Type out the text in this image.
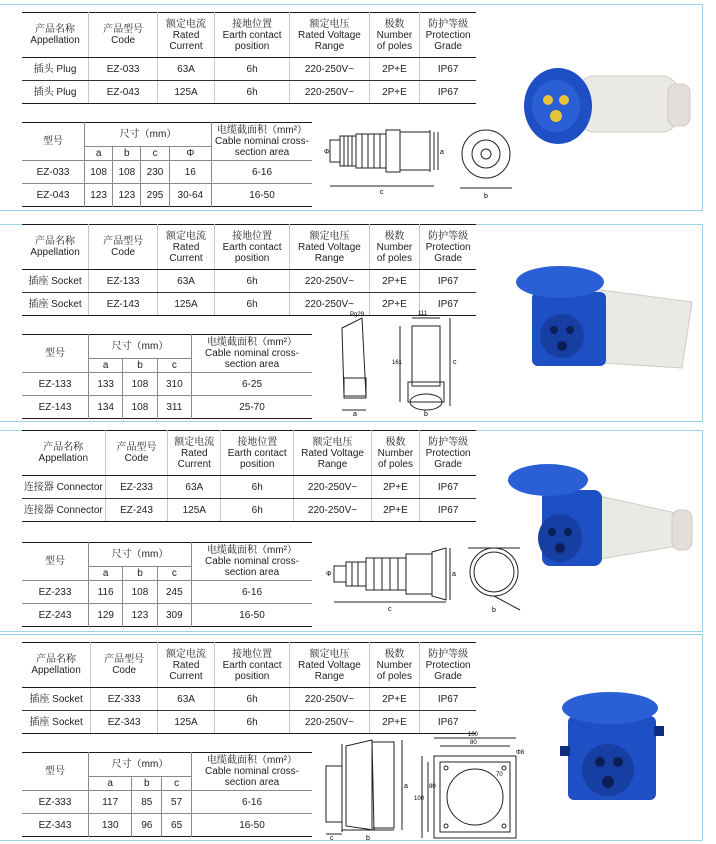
产品名称
Appellation	产品型号
Code	额定电流
Rated
Current	接地位置
Earth contact
position	额定电压
Rated Voltage
Range	极数
Number
of poles	防护等级
Protection
Grade

插头 Plug	EZ-033	63A	6h	220-250V~	2P+E	IP67
插头 Plug	EZ-043	125A	6h	220-250V~	2P+E	IP67
型号	尺寸（mm）				电缆截面积（mm²）
Cable nominal cross-
section area

	a	b	c	Φ	
EZ-033	108	108	230	16	6-16
EZ-043	123	123	295	30-64	16-50
Φ	a
b
c
产品名称
Appellation	产品型号
Code	额定电流
Rated
Current	接地位置
Earth contact
position	额定电压
Rated Voltage
Range	极数
Number
of poles	防护等级
Protection
Grade

插座 Socket	EZ-133	63A	6h	220-250V~	2P+E	IP67
插座 Socket	EZ-143	125A	6h	220-250V~	2P+E	IP67
型号	尺寸（mm）			电缆截面积（mm²）
Cable nominal cross-
section area

	a	b	c	
EZ-133	133	108	310	6-25
EZ-143	134	108	311	25-70
Pg29	111
161
a	b
c
产品名称
Appellation	产品型号
Code	额定电流
Rated
Current	接地位置
Earth contact
position	额定电压
Rated Voltage
Range	极数
Number
of poles	防护等级
Protection
Grade

连接器 Connector	EZ-233	63A	6h	220-250V~	2P+E	IP67
连接器 Connector	EZ-243	125A	6h	220-250V~	2P+E	IP67
型号	尺寸（mm）			电缆截面积（mm²）
Cable nominal cross-
section area

	a	b	c	
EZ-233	116	108	245	6-16
EZ-243	129	123	309	16-50
Φ	a
b
c
产品名称
Appellation	产品型号
Code	额定电流
Rated
Current	接地位置
Earth contact
position	额定电压
Rated Voltage
Range	极数
Number
of poles	防护等级
Protection
Grade

插座 Socket	EZ-333	63A	6h	220-250V~	2P+E	IP67
插座 Socket	EZ-343	125A	6h	220-250V~	2P+E	IP67
型号	尺寸（mm）			电缆截面积（mm²）
Cable nominal cross-
section area

	a	b	c	
EZ-333	117	85	57	6-16
EZ-343	130	96	65	16-50
c	b
a
100
80
100
80
Φ8
70
